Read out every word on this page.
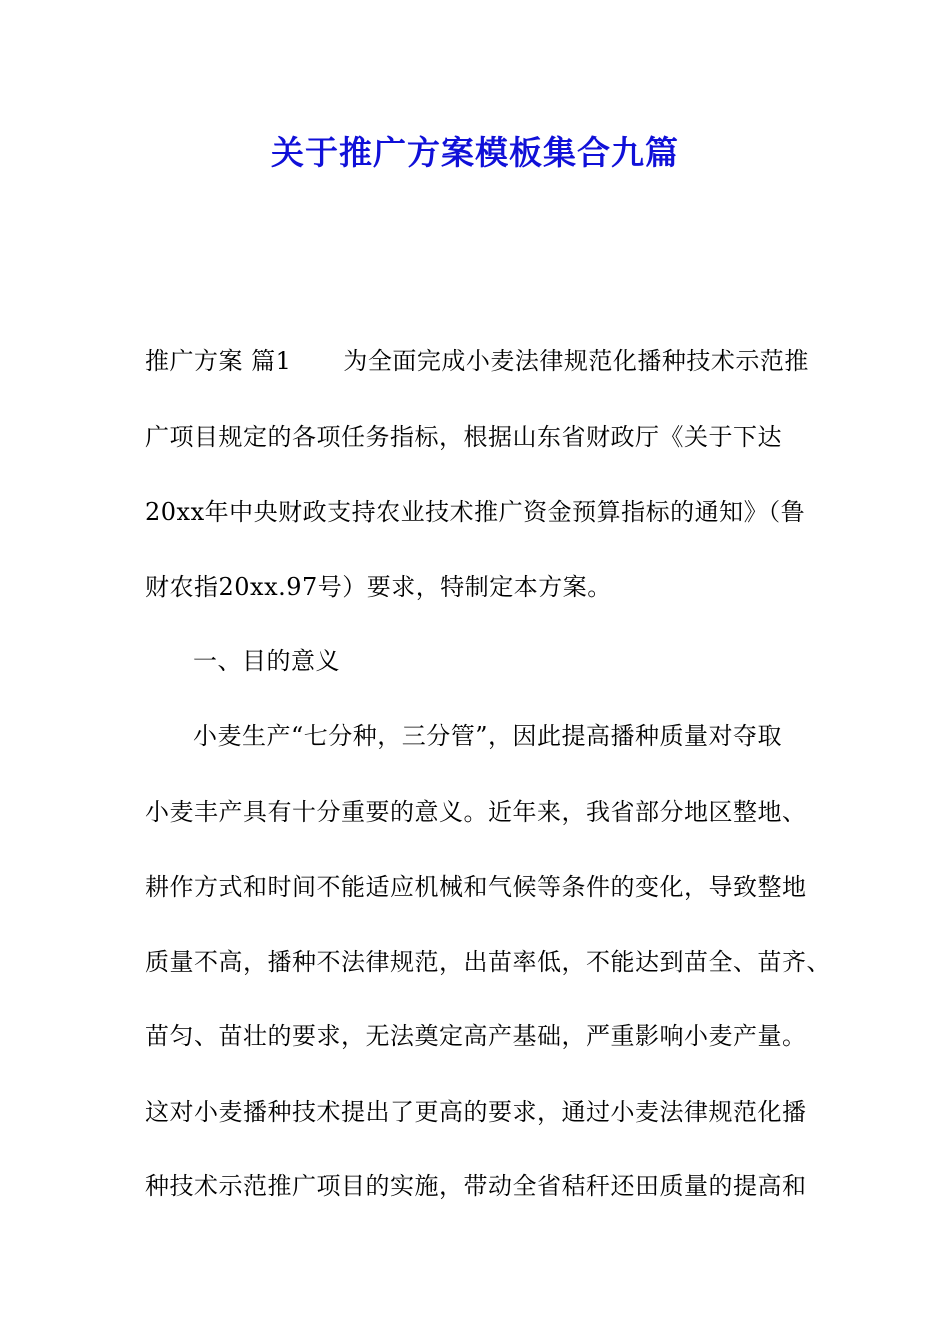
关于推广方案模板集合九篇
推广方案 篇1 为全面完成小麦法律规范化播种技术示范推
广项目规定的各项任务指标，根据山东省财政厅《关于下达
20xx年中央财政支持农业技术推广资金预算指标的通知》（鲁
财农指20xx.97号）要求，特制定本方案。
一、目的意义
小麦生产“七分种，三分管”，因此提高播种质量对夺取
小麦丰产具有十分重要的意义。近年来，我省部分地区整地、
耕作方式和时间不能适应机械和气候等条件的变化，导致整地
质量不高，播种不法律规范，出苗率低，不能达到苗全、苗齐、
苗匀、苗壮的要求，无法奠定高产基础，严重影响小麦产量。
这对小麦播种技术提出了更高的要求，通过小麦法律规范化播
种技术示范推广项目的实施，带动全省秸秆还田质量的提高和
